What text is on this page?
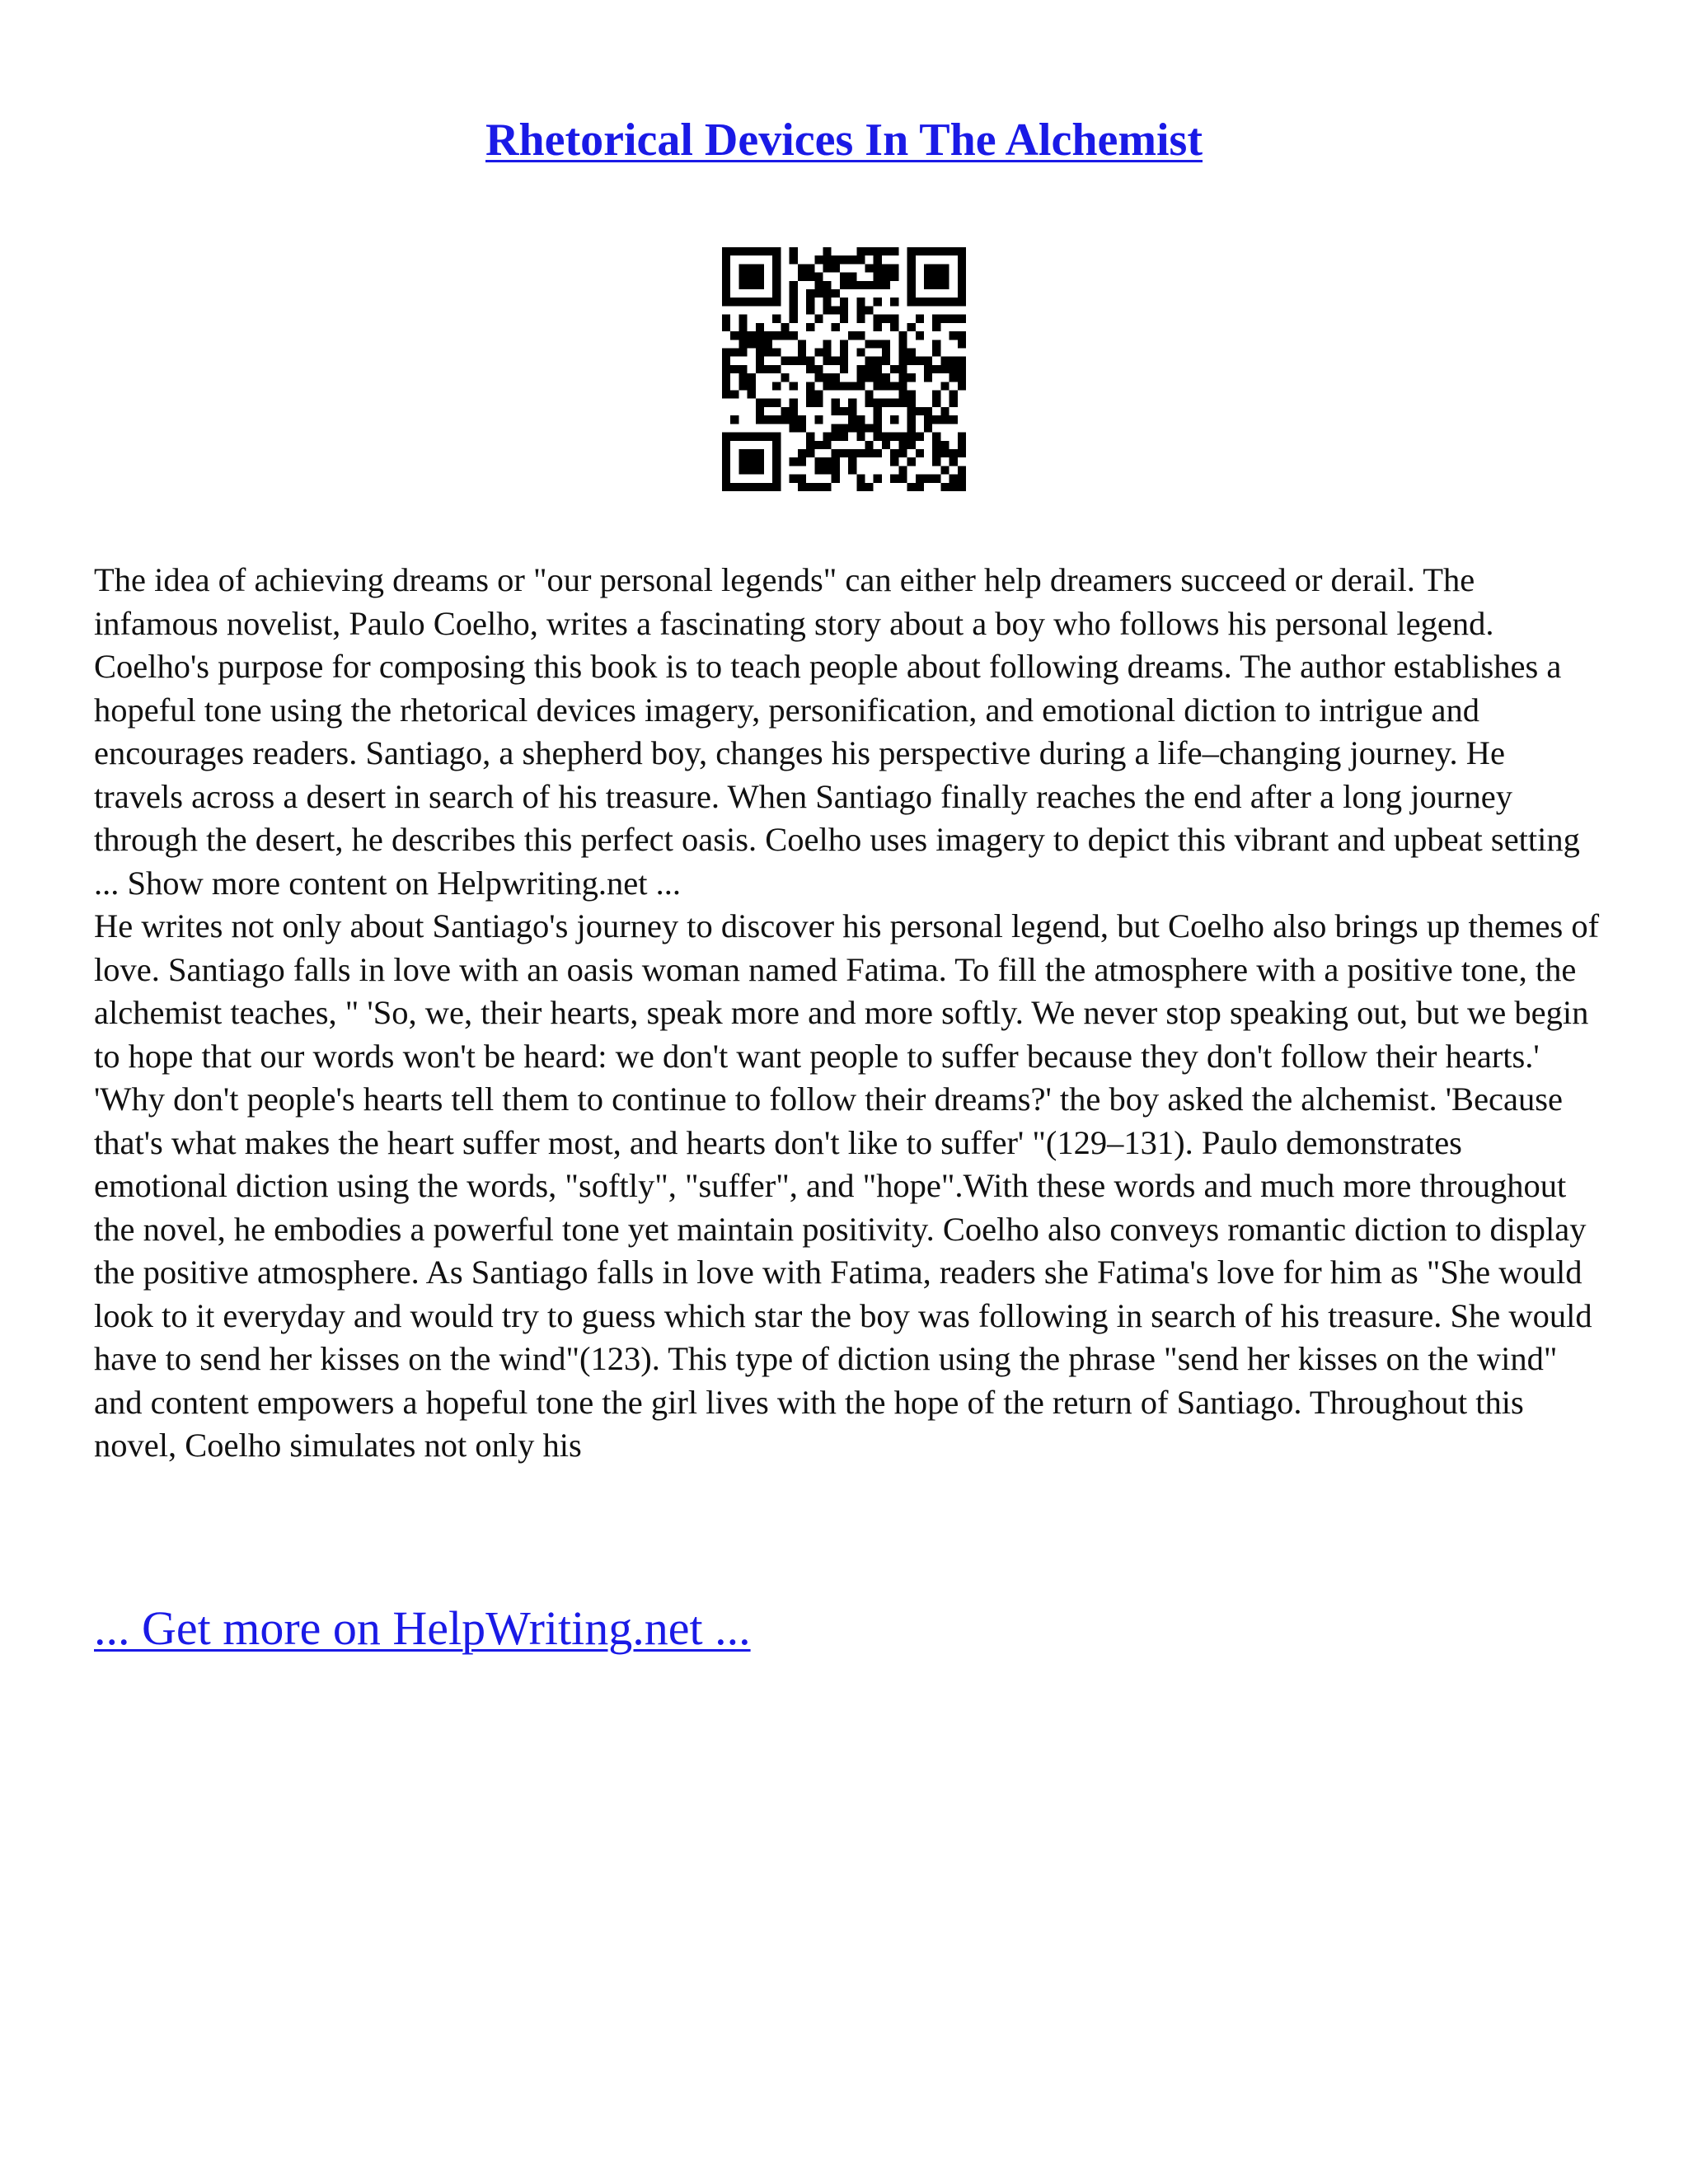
Rhetorical Devices In The Alchemist

The idea of achieving dreams or "our personal legends" can either help dreamers succeed or derail. The infamous novelist, Paulo Coelho, writes a fascinating story about a boy who follows his personal legend. Coelho's purpose for composing this book is to teach people about following dreams. The author establishes a hopeful tone using the rhetorical devices imagery, personification, and emotional diction to intrigue and encourages readers. Santiago, a shepherd boy, changes his perspective during a life–changing journey. He travels across a desert in search of his treasure. When Santiago finally reaches the end after a long journey through the desert, he describes this perfect oasis. Coelho uses imagery to depict this vibrant and upbeat setting ... Show more content on Helpwriting.net ...

He writes not only about Santiago's journey to discover his personal legend, but Coelho also brings up themes of love. Santiago falls in love with an oasis woman named Fatima. To fill the atmosphere with a positive tone, the alchemist teaches, " 'So, we, their hearts, speak more and more softly. We never stop speaking out, but we begin to hope that our words won't be heard: we don't want people to suffer because they don't follow their hearts.' 'Why don't people's hearts tell them to continue to follow their dreams?' the boy asked the alchemist. 'Because that's what makes the heart suffer most, and hearts don't like to suffer' "(129–131). Paulo demonstrates emotional diction using the words, "softly", "suffer", and "hope".With these words and much more throughout the novel, he embodies a powerful tone yet maintain positivity. Coelho also conveys romantic diction to display the positive atmosphere. As Santiago falls in love with Fatima, readers she Fatima's love for him as "She would look to it everyday and would try to guess which star the boy was following in search of his treasure. She would have to send her kisses on the wind"(123). This type of diction using the phrase "send her kisses on the wind" and content empowers a hopeful tone the girl lives with the hope of the return of Santiago. Throughout this novel, Coelho simulates not only his

... Get more on HelpWriting.net ...
